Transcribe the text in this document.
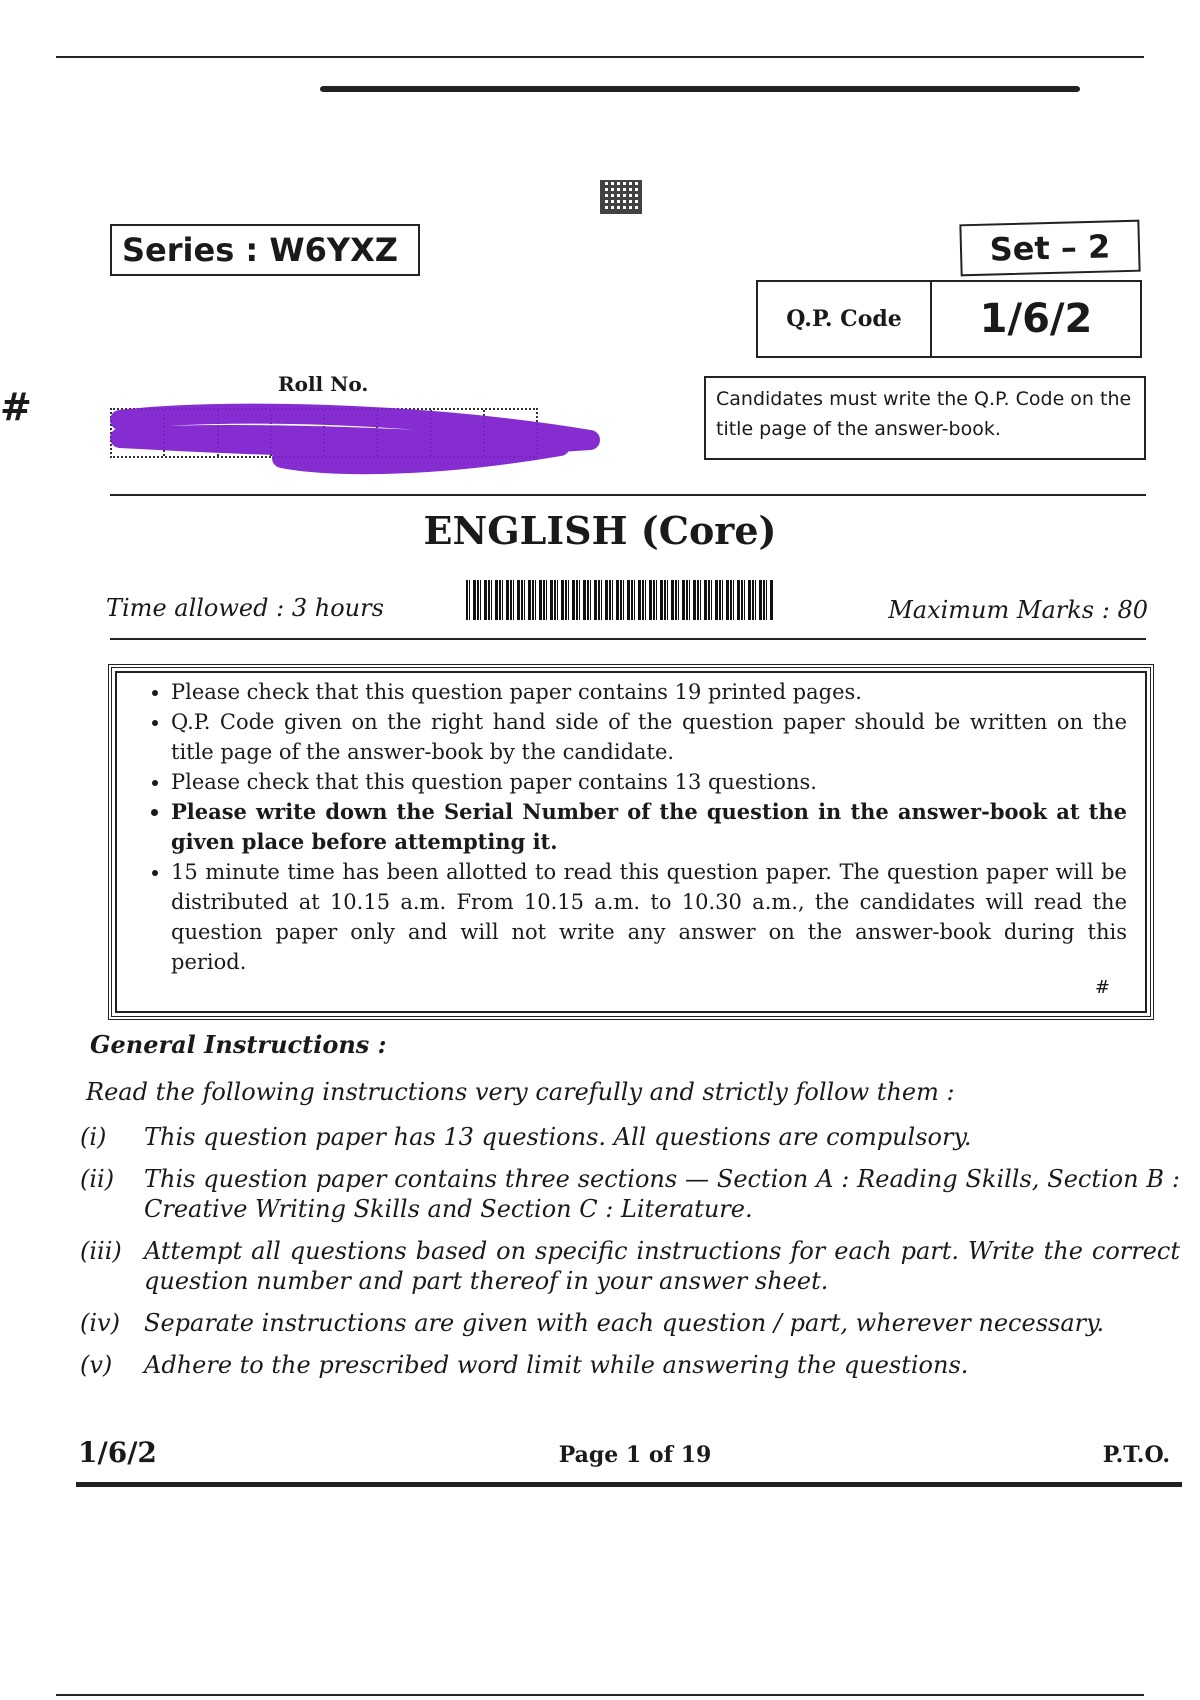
#
Series : W6YXZ	Set – 2
Q.P. Code	1/6/2
Roll No.
Candidates must write the Q.P. Code on the title page of the answer-book.
ENGLISH (Core)
Time allowed : 3 hours	Maximum Marks : 80
• Please check that this question paper contains 19 printed pages.
• Q.P. Code given on the right hand side of the question paper should be written on the title page of the answer-book by the candidate.
• Please check that this question paper contains 13 questions.
• Please write down the Serial Number of the question in the answer-book at the given place before attempting it.
• 15 minute time has been allotted to read this question paper. The question paper will be distributed at 10.15 a.m. From 10.15 a.m. to 10.30 a.m., the candidates will read the question paper only and will not write any answer on the answer-book during this period.
#
General Instructions :
Read the following instructions very carefully and strictly follow them :
(i)	This question paper has 13 questions. All questions are compulsory.
(ii)	This question paper contains three sections — Section A : Reading Skills, Section B : Creative Writing Skills and Section C : Literature.
(iii) Attempt all questions based on specific instructions for each part. Write the correct question number and part thereof in your answer sheet.
(iv)	Separate instructions are given with each question / part, wherever necessary.
(v)	Adhere to the prescribed word limit while answering the questions.
1/6/2	Page 1 of 19	P.T.O.
